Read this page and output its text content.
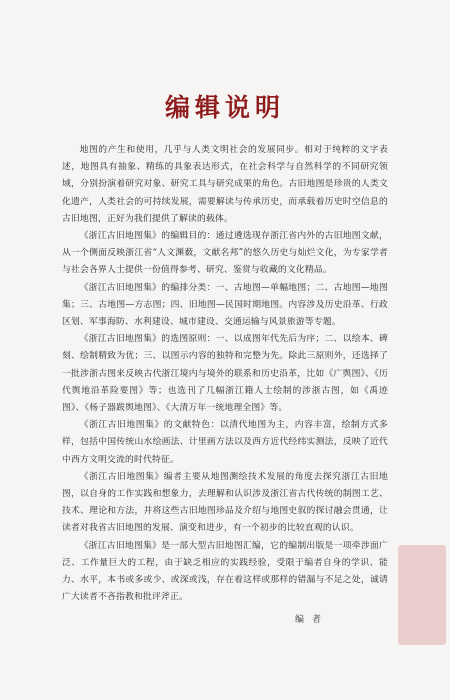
编辑说明

地图的产生和使用，几乎与人类文明社会的发展同步。相对于纯粹的文字表述，地图具有抽象、精练的具象表达形式，在社会科学与自然科学的不同研究领域，分别扮演着研究对象、研究工具与研究成果的角色。古旧地图是珍贵的人类文化遗产，人类社会的可持续发展，需要解读与传承历史，而承载着历史时空信息的古旧地图，正好为我们提供了解读的载体。

《浙江古旧地图集》的编辑目的：通过遴选现存浙江省内外的古旧地图文献，从一个侧面反映浙江省“人文渊薮，文献名邦”的悠久历史与灿烂文化，为专家学者与社会各界人士提供一份值得参考、研究、鉴赏与收藏的文化精品。

《浙江古旧地图集》的编排分类：一、古地图—单幅地图；二、古地图—地图集；三、古地图—方志图；四、旧地图—民国时期地图。内容涉及历史沿革、行政区划、军事海防、水利建设、城市建设、交通运输与风景旅游等专题。

《浙江古旧地图集》的选图原则：一、以成图年代先后为序；二、以绘本、碑刻、绘制精致为优；三、以图示内容的独特和完整为先。除此三原则外，还选择了一批涉浙古图来反映古代浙江境内与境外的联系和历史沿革，比如《广舆图》、《历代舆地沿革险要图》等；也选刊了几幅浙江籍人士绘制的涉浙古图，如《禹迹图》、《杨子器跋舆地图》、《大清万年一统地理全图》等。

《浙江古旧地图集》的文献特色：以清代地图为主，内容丰富，绘制方式多样，包括中国传统山水绘画法、计里画方法以及西方近代经纬实测法，反映了近代中西方文明交流的时代特征。

《浙江古旧地图集》编者主要从地图测绘技术发展的角度去探究浙江古旧地图，以自身的工作实践和想象力，去理解和认识涉及浙江省古代传统的制图工艺、技术、理论和方法，并将这些古旧地图珍品及介绍与地图史叙的探讨融会贯通，让读者对我省古旧地图的发展、演变和进步，有一个初步的比较直观的认识。

《浙江古旧地图集》是一部大型古旧地图汇编，它的编制出版是一项牵涉面广泛、工作量巨大的工程，由于缺乏相应的实践经验，受限于编者自身的学识、能力、水平，本书或多或少、或深或浅，存在着这样或那样的错漏与不足之处，诚请广大读者不吝指教和批评斧正。

编者
